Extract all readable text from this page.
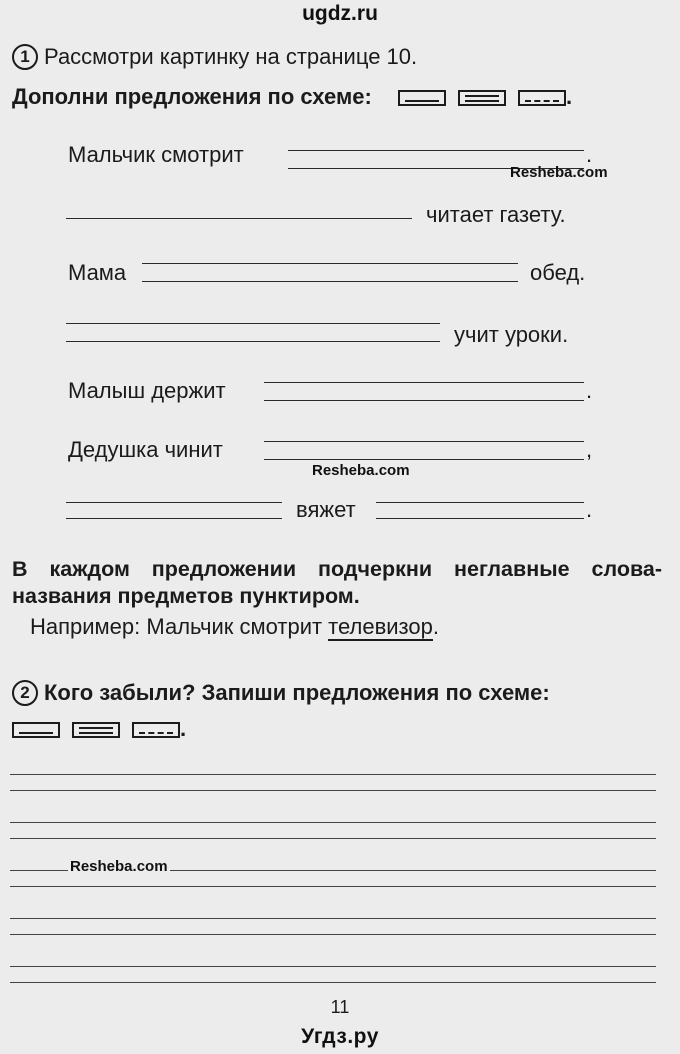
ugdz.ru
1 Рассмотри картинку на странице 10.
Дополни предложения по схеме:	.
Мальчик смотрит	.
Resheba.com
читает газету.
Мама	обед.
учит уроки.
Малыш держит	.
Дедушка чинит	,
Resheba.com
вяжет	.
В каждом предложении подчеркни неглавные слова-названия предметов пунктиром.
Например: Мальчик смотрит телевизор.
2 Кого забыли? Запиши предложения по схеме:
.
Resheba.com
11
Угдз.ру
